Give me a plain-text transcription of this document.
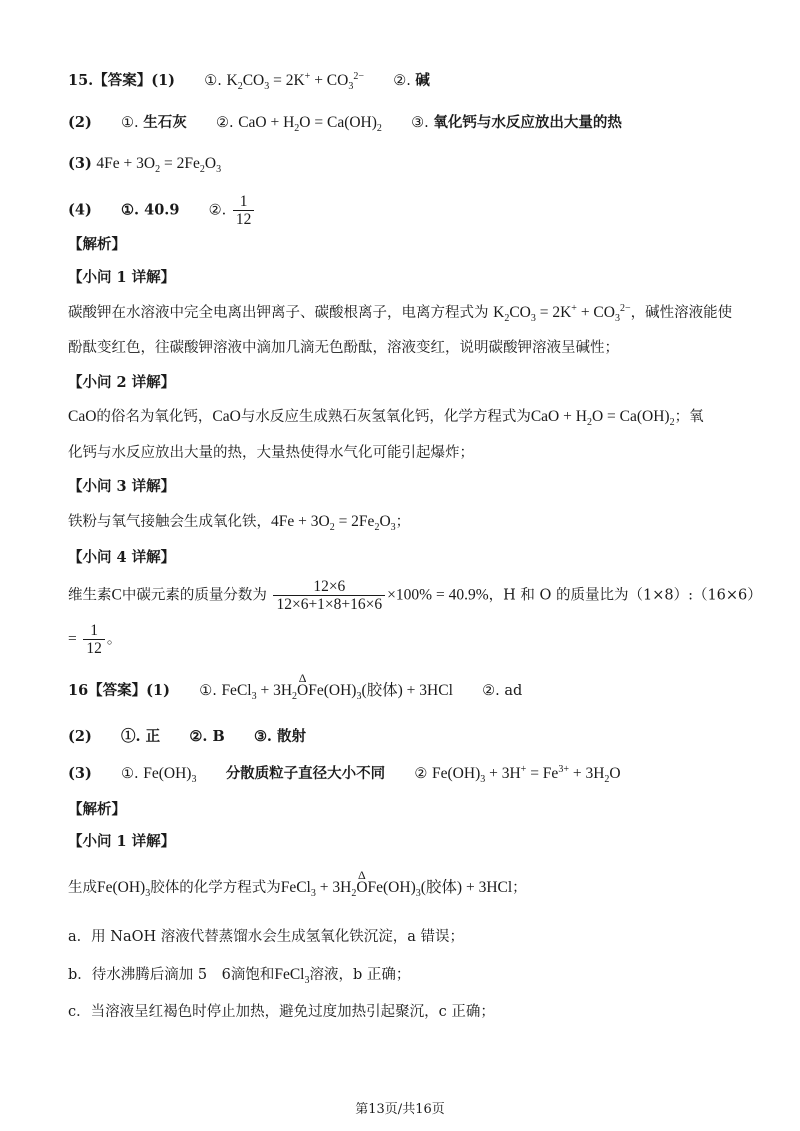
15.【答案】(1) ①. $K_2CO_3 = 2K^+ + CO_3^{2-}$ ②. 碱
(2) ①. 生石灰 ②. CaO + $H_2O = Ca(OH)_2$ ③. 氧化钙与水反应放出大量的热
(3) $4Fe + 3O_2 = 2Fe_2O_3$
(4) ①. 40.9 ②. $\frac{1}{12}$
【解析】
【小问 1 详解】
碳酸钾在水溶液中完全电离出钾离子、碳酸根离子，电离方程式为 $K_2CO_3 = 2K^+ + CO_3^{2-}$，碱性溶液能使
酚酞变红色，往碳酸钾溶液中滴加几滴无色酚酞，溶液变红，说明碳酸钾溶液呈碱性；
【小问 2 详解】
CaO的俗名为氧化钙，CaO与水反应生成熟石灰氢氧化钙，化学方程式为CaO + $H_2O = Ca(OH)_2$；氧
化钙与水反应放出大量的热，大量热使得水气化可能引起爆炸；
【小问 3 详解】
铁粉与氧气接触会生成氧化铁，$4Fe + 3O_2 = 2Fe_2O_3$；
【小问 4 详解】
维生素C中碳元素的质量分数为 $\frac{12\times 6}{12\times 6+1\times 8+16\times 6} \times 100\% = 40.9\%$，H 和 O 的质量比为（1×8）:（16×6）
= $\frac{1}{12}$ 。
16【答案】(1) ①. FeCl$_3$ + $3H_2O$
Δ
$Fe(OH)_3$(胶体) + 3HCl ②. ad
(2) ①. 正 ②. B ③. 散射
(3) ①. $Fe(OH)_3$ 分散质粒子直径大小不同 ② $Fe(OH)_3 + 3H^+ = Fe^{3+} + 3H_2O$
【解析】
【小问 1 详解】
生成$Fe(OH)_3$胶体的化学方程式为FeCl$_3$ + $3H_2O$
Δ
$Fe(OH)_3$(胶体) + 3HCl；
a．用 NaOH 溶液代替蒸馏水会生成氢氧化铁沉淀，a 错误；
b．待水沸腾后滴加 5　6滴饱和FeCl$_3$溶液，b 正确；
c．当溶液呈红褐色时停止加热，避免过度加热引起聚沉，c 正确；
第13页/共16页
